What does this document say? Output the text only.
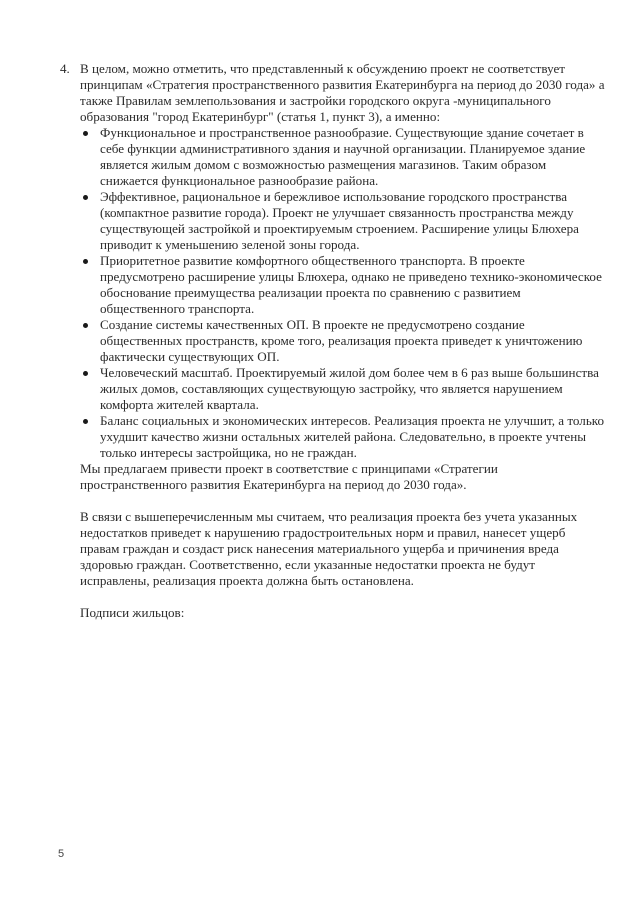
4. В целом, можно отметить, что представленный к обсуждению проект не соответствует принципам «Стратегия пространственного развития Екатеринбурга на период до 2030 года» а также Правилам землепользования и застройки городского округа -муниципального образования "город Екатеринбург" (статья 1, пункт 3), а именно:
Функциональное и пространственное разнообразие. Существующие здание сочетает в себе функции административного здания и научной организации. Планируемое здание является жилым домом с возможностью размещения магазинов. Таким образом снижается функциональное разнообразие района.
Эффективное, рациональное и бережливое использование городского пространства (компактное развитие города). Проект не улучшает связанность пространства между существующей застройкой и проектируемым строением. Расширение улицы Блюхера приводит к уменьшению зеленой зоны города.
Приоритетное развитие комфортного общественного транспорта. В проекте предусмотрено расширение улицы Блюхера, однако не приведено технико-экономическое обоснование преимущества реализации проекта по сравнению с развитием общественного транспорта.
Создание системы качественных ОП. В проекте не предусмотрено создание общественных пространств, кроме того, реализация проекта приведет к уничтожению фактически существующих ОП.
Человеческий масштаб. Проектируемый жилой дом более чем в 6 раз выше большинства жилых домов, составляющих существующую застройку, что является нарушением комфорта жителей квартала.
Баланс социальных и экономических интересов. Реализация проекта не улучшит, а только ухудшит качество жизни остальных жителей района. Следовательно, в проекте учтены только интересы застройщика, но не граждан.
Мы предлагаем привести проект в соответствие с принципами «Стратегии пространственного развития Екатеринбурга на период до 2030 года».
В связи с вышеперечисленным мы считаем, что реализация проекта без учета указанных недостатков приведет к нарушению градостроительных норм и правил, нанесет ущерб правам граждан и создаст риск нанесения материального ущерба и причинения вреда здоровью граждан. Соответственно, если указанные недостатки проекта не будут исправлены, реализация проекта должна быть остановлена.
Подписи жильцов:
5
